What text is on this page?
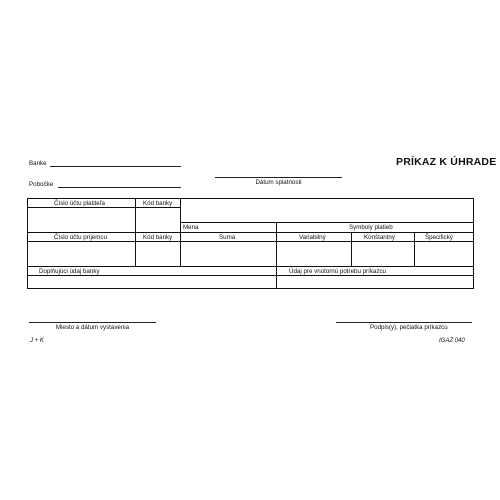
Banke
Pobočke
PRÍKAZ K ÚHRADE
Dátum splatnosti
Číslo účtu platiteľa	Kód banky
Mena	Symboly platieb
Číslo účtu príjemcu	Kód banky	Suma	Variabilný	Konštantný	Špecifický
Doplňujúci údaj banky	Údaj pre vnútornú potrebu príkazcu
Miesto a dátum vystavenia	Podpis(y), pečiatka príkazcu
J + K	IGAZ 040
